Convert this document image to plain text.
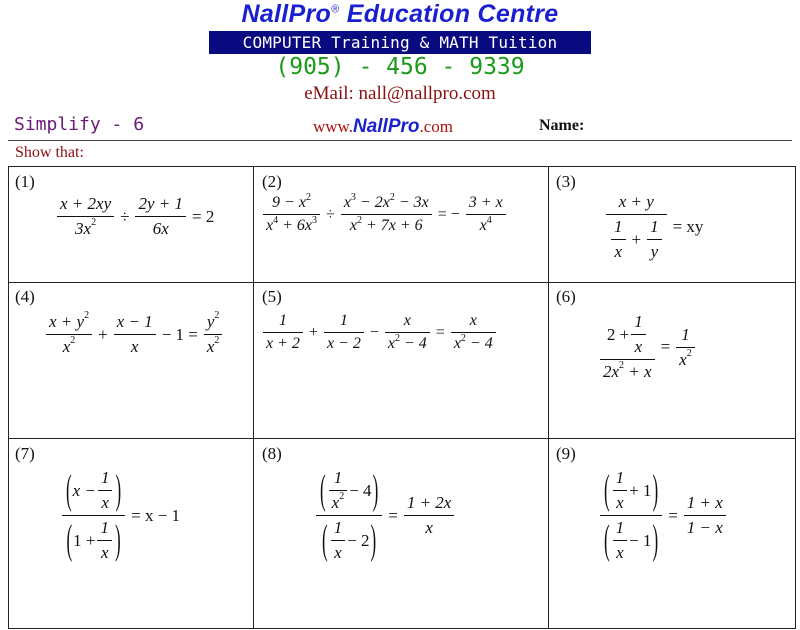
NallPro® Education Centre
COMPUTER Training & MATH Tuition
(905) - 456 - 9339
eMail: nall@nallpro.com
Simplify - 6	www.NallPro.com	Name:
Show that:
(1)	(2)	(3)
(4)	(5)	(6)
(7)	(8)	(9)
$\frac{x + 2xy}{3x^2} \div \frac{2y + 1}{6x} = 2$	$\frac{9 - x^2}{x^4 + 6x^3} \div \frac{x^3 - 2x^2 - 3x}{x^2 + 7x + 6}$ = − $\frac{3 + x}{x^4}$	$\frac{x + y}{\frac{1}{x} + \frac{1}{y}}$ = xy
$\frac{x + y^2}{x^2} + \frac{x - 1}{x} - 1 = \frac{y^2}{x^2}$	$\frac{1}{x + 2} + \frac{1}{x - 2} - \frac{x}{x^2 - 4} = \frac{x}{x^2 - 4}$	$\frac{2 + \frac{1}{x}}{2x^2 + x} = \frac{1}{x^2}$
$\frac{( x - \frac{1}{x} )}{( 1 + \frac{1}{x} )} = x - 1$	$\frac{( \frac{1}{x^2} - 4 )}{( \frac{1}{x} - 2 )} = \frac{1 + 2x}{x}$	$\frac{( \frac{1}{x} + 1 )}{( \frac{1}{x} - 1 )} = \frac{1 + x}{1 - x}$
